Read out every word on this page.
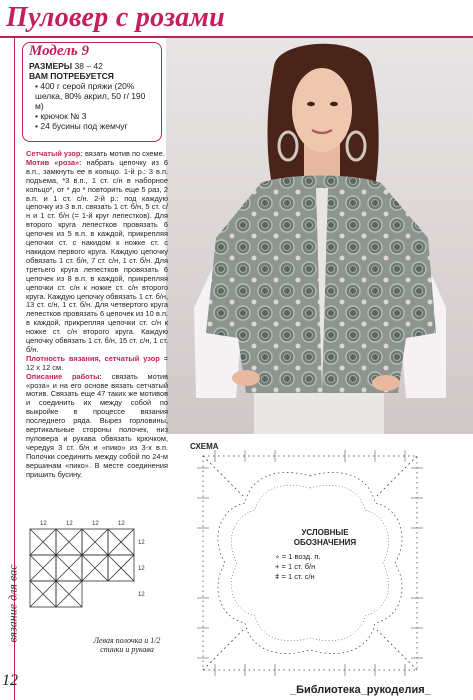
Пуловер с розами
вязание для вас
12
Модель 9
РАЗМЕРЫ 38 – 42
ВАМ ПОТРЕБУЕТСЯ
• 400 г серой пряжи (20% шелка, 80% акрил, 50 г/ 190 м)
• крючок № 3
• 24 бусины под жемчуг
Сетчатый узор: вязать мотив по схеме.
Мотив «роза»: набрать цепочку из 6 в.п., замкнуть ее в кольцо. 1-й р.: 3 в.п. подъема, *3 в.п., 1 ст. с/н в наборное кольцо*, от * до * повторить еще 5 раз, 2 в.п. и 1 ст. с/н. 2-й р.: под каждую цепочку из 3 в.п. связать 1 ст. б/н, 5 ст. с/н и 1 ст. б/н (= 1-й круг лепестков). Для второго круга лепестков провязать 6 цепочек из 5 в.п. в каждой, прикрепляя цепочки ст. с накидом к ножке ст. с накидом первого круга. Каждую цепочку обвязать 1 ст. б/н, 7 ст. с/н, 1 ст. б/н. Для третьего круга лепестков провязать 6 цепочек из 8 в.п. в каждой, прикрепляя цепочки ст. с/н к ножке ст. с/н второго круга. Каждую цепочку обвязать 1 ст. б/н, 13 ст. с/н, 1 ст. б/н. Для четвертого круга лепестков провязать 6 цепочек из 10 в.п. в каждой, прикрепляя цепочки ст. с/н к ножке ст. с/н второго круга. Каждую цепочку обвязать 1 ст. б/н, 15 ст. с/н, 1 ст. б/н.
Плотность вязания, сетчатый узор = 12 х 12 см.
Описание работы: связать мотив «роза» и на его основе вязать сетчатый мотив. Связать еще 47 таких же мотивов и соединить их между собой по выкройке в процессе вязания последнего ряда. Вырез горловины, вертикальные стороны полочек, низ пуловера и рукава обвязать крючком, чередуя 3 ст. б/н и «пико» из 3-х в.п. Полочки соединить между собой по 24-м вершинам «пико». В месте соединения пришить бусину.
СХЕМА
УСЛОВНЫЕ ОБОЗНАЧЕНИЯ
∘ = 1 возд. п.
+ = 1 ст. б/н
ǂ = 1 ст. с/н
12	12	12	12
12
12
12
Левая полочка и 1/2 спинки и рукава
_Библиотека_рукоделия_
